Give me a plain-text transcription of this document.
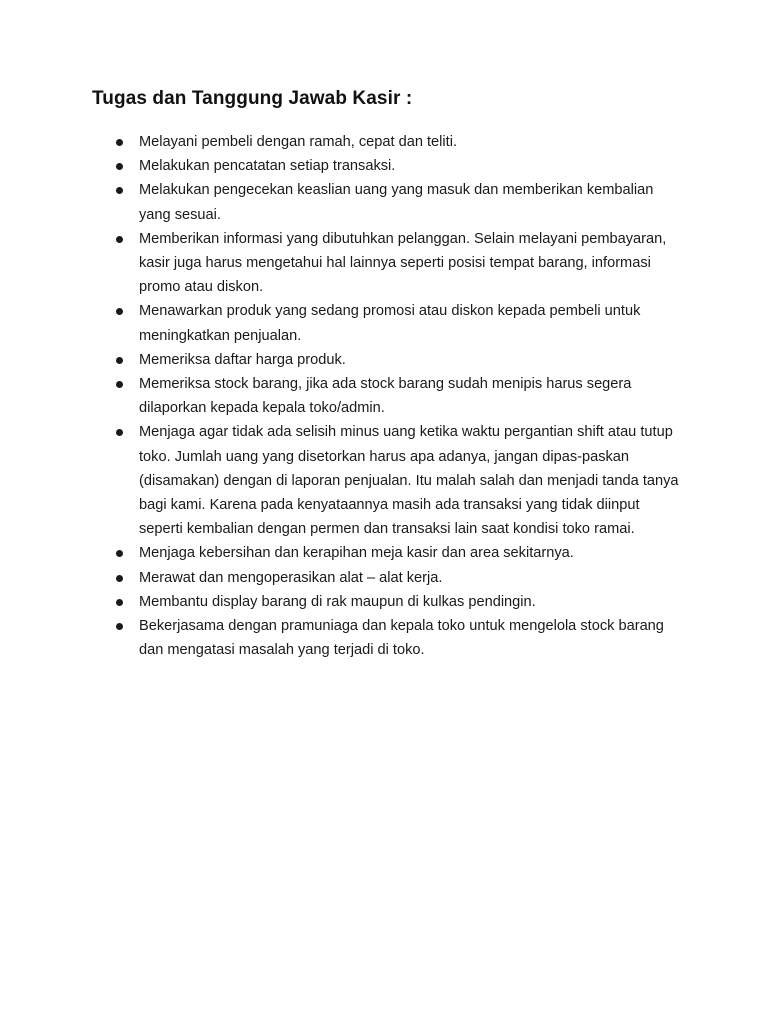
Tugas dan Tanggung Jawab Kasir :
Melayani pembeli dengan ramah, cepat dan teliti.
Melakukan pencatatan setiap transaksi.
Melakukan pengecekan keaslian uang yang masuk dan memberikan kembalian yang sesuai.
Memberikan informasi yang dibutuhkan pelanggan. Selain melayani pembayaran, kasir juga harus mengetahui hal lainnya seperti posisi tempat barang, informasi promo atau diskon.
Menawarkan produk yang sedang promosi atau diskon kepada pembeli untuk meningkatkan penjualan.
Memeriksa daftar harga produk.
Memeriksa stock barang, jika ada stock barang sudah menipis harus segera dilaporkan kepada kepala toko/admin.
Menjaga agar tidak ada selisih minus uang ketika waktu pergantian shift atau tutup toko. Jumlah uang yang disetorkan harus apa adanya, jangan dipas-paskan (disamakan) dengan di laporan penjualan. Itu malah salah dan menjadi tanda tanya bagi kami. Karena pada kenyataannya masih ada transaksi yang tidak diinput seperti kembalian dengan permen dan transaksi lain saat kondisi toko ramai.
Menjaga kebersihan dan kerapihan meja kasir dan area sekitarnya.
Merawat dan mengoperasikan alat – alat kerja.
Membantu display barang di rak maupun di kulkas pendingin.
Bekerjasama dengan pramuniaga dan kepala toko untuk mengelola stock barang dan mengatasi masalah yang terjadi di toko.
